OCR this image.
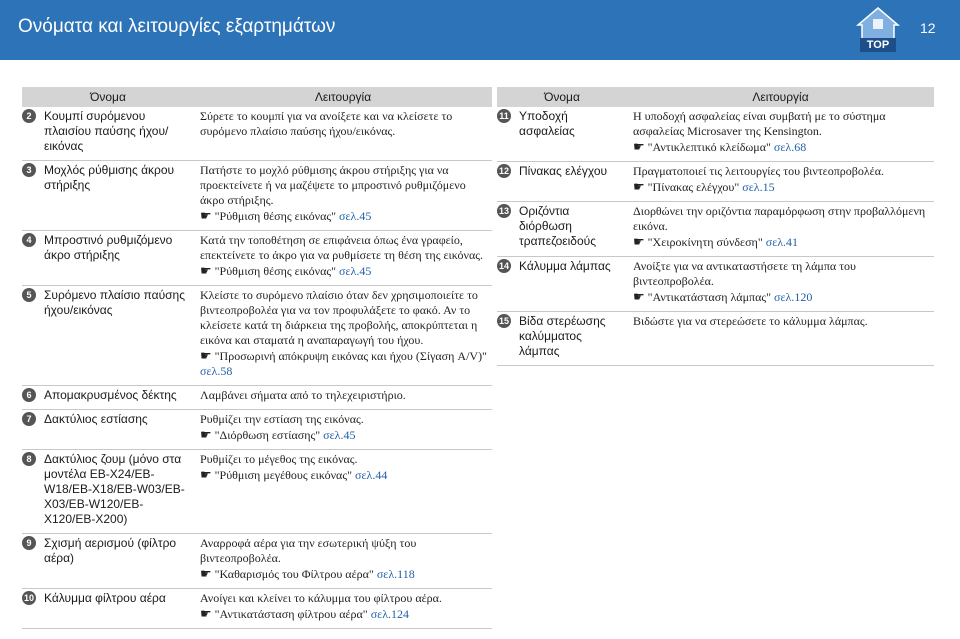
Ονόματα και λειτουργίες εξαρτημάτων
TOP
12
Όνομα		Λειτουργία
2	Κουμπί συρόμενου πλαισίου παύσης ήχου/εικόνας	Σύρετε το κουμπί για να ανοίξετε και να κλείσετε το συρόμενο πλαίσιο παύσης ήχου/εικόνας.
3	Μοχλός ρύθμισης άκρου στήριξης	Πατήστε το μοχλό ρύθμισης άκρου στήριξης για να προεκτείνετε ή να μαζέψετε το μπροστινό ρυθμιζόμενο άκρο στήριξης.
☛ "Ρύθμιση θέσης εικόνας" σελ.45

4	Μπροστινό ρυθμιζόμενο άκρο στήριξης	Κατά την τοποθέτηση σε επιφάνεια όπως ένα γραφείο, επεκτείνετε το άκρο για να ρυθμίσετε τη θέση της εικόνας.
☛ "Ρύθμιση θέσης εικόνας" σελ.45

5	Συρόμενο πλαίσιο παύσης ήχου/εικόνας	Κλείστε το συρόμενο πλαίσιο όταν δεν χρησιμοποιείτε το βιντεοπροβολέα για να τον προφυλάξετε το φακό. Αν το κλείσετε κατά τη διάρκεια της προβολής, αποκρύπτεται η εικόνα και σταματά η αναπαραγωγή του ήχου.
☛ "Προσωρινή απόκρυψη εικόνας και ήχου (Σίγαση A/V)" σελ.58

6	Απομακρυσμένος δέκτης	Λαμβάνει σήματα από το τηλεχειριστήριο.
7	Δακτύλιος εστίασης	Ρυθμίζει την εστίαση της εικόνας.
☛ "Διόρθωση εστίασης" σελ.45

8	Δακτύλιος ζουμ (μόνο στα μοντέλα EB-X24/EB-W18/EB-X18/EB-W03/EB-X03/EB-W120/EB-X120/EB-X200)	Ρυθμίζει το μέγεθος της εικόνας.
☛ "Ρύθμιση μεγέθους εικόνας" σελ.44

9	Σχισμή αερισμού (φίλτρο αέρα)	Αναρροφά αέρα για την εσωτερική ψύξη του βιντεοπροβολέα.
☛ "Καθαρισμός του Φίλτρου αέρα" σελ.118

10	Κάλυμμα φίλτρου αέρα	Ανοίγει και κλείνει το κάλυμμα του φίλτρου αέρα.
☛ "Αντικατάσταση φίλτρου αέρα" σελ.124
Όνομα		Λειτουργία
11	Υποδοχή ασφαλείας	Η υποδοχή ασφαλείας είναι συμβατή με το σύστημα ασφαλείας Microsaver της Kensington.
☛ "Αντικλεπτικό κλείδωμα" σελ.68

12	Πίνακας ελέγχου	Πραγματοποιεί τις λειτουργίες του βιντεοπροβολέα.
☛ "Πίνακας ελέγχου" σελ.15

13	Οριζόντια διόρθωση τραπεζοειδούς	Διορθώνει την οριζόντια παραμόρφωση στην προβαλλόμενη εικόνα.
☛ "Χειροκίνητη σύνδεση" σελ.41

14	Κάλυμμα λάμπας	Ανοίξτε για να αντικαταστήσετε τη λάμπα του βιντεοπροβολέα.
☛ "Αντικατάσταση λάμπας" σελ.120

15	Βίδα στερέωσης καλύμματος λάμπας	Βιδώστε για να στερεώσετε το κάλυμμα λάμπας.
